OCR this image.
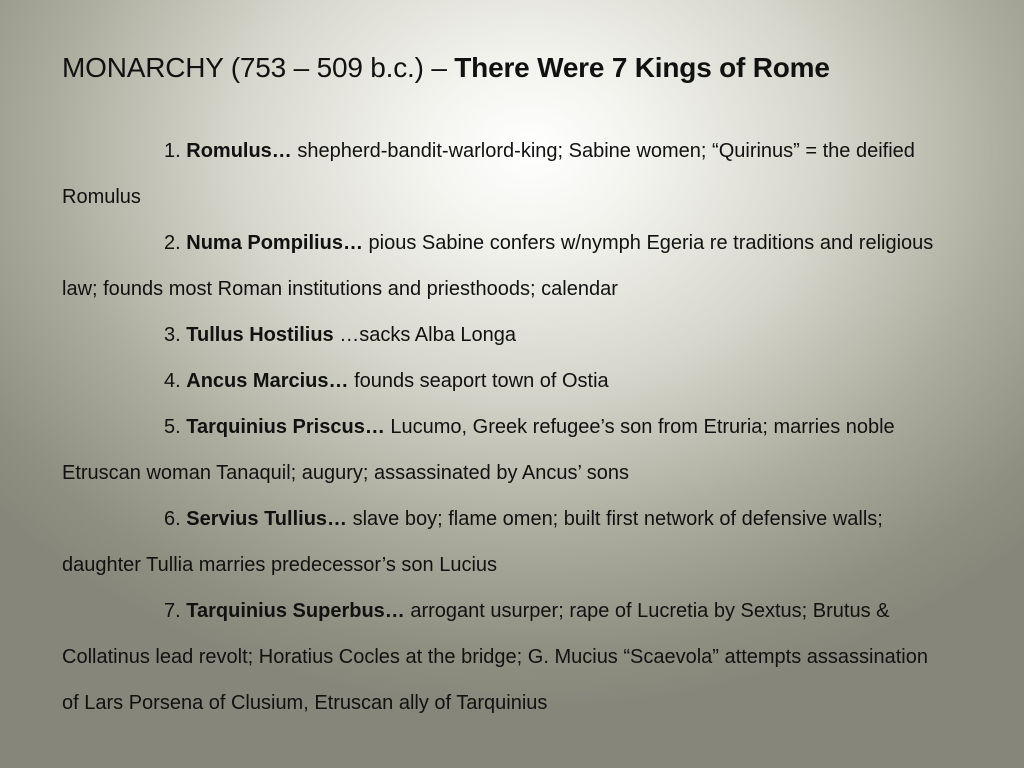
MONARCHY (753 – 509 b.c.) – There Were 7 Kings of Rome
1. Romulus… shepherd-bandit-warlord-king; Sabine women; “Quirinus” = the deified Romulus
2. Numa Pompilius… pious Sabine confers w/nymph Egeria re traditions and religious law; founds most Roman institutions and priesthoods; calendar
3. Tullus Hostilius …sacks Alba Longa
4. Ancus Marcius… founds seaport town of Ostia
5. Tarquinius Priscus… Lucumo, Greek refugee’s son from Etruria; marries noble Etruscan woman Tanaquil; augury; assassinated by Ancus’ sons
6. Servius Tullius… slave boy; flame omen; built first network of defensive walls; daughter Tullia marries predecessor’s son Lucius
7. Tarquinius Superbus… arrogant usurper; rape of Lucretia by Sextus; Brutus & Collatinus lead revolt; Horatius Cocles at the bridge; G. Mucius “Scaevola” attempts assassination of Lars Porsena of Clusium, Etruscan ally of Tarquinius
